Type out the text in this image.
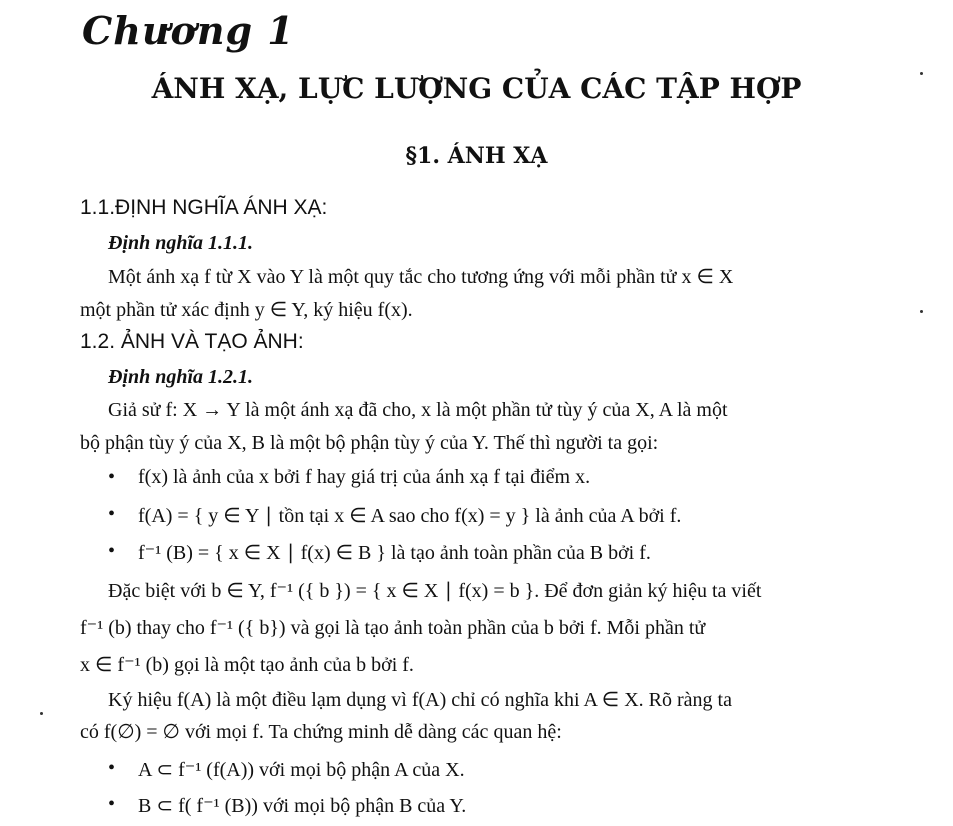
Chương 1
ÁNH XẠ, LỰC LƯỢNG CỦA CÁC TẬP HỢP
§1. ÁNH XẠ
1.1.ĐỊNH NGHĨA ÁNH XẠ:
Định nghĩa 1.1.1.
Một ánh xạ f từ X vào Y là một quy tắc cho tương ứng với mỗi phần tử x ∈ X
một phần tử xác định y ∈ Y, ký hiệu f(x).
1.2. ẢNH VÀ TẠO ẢNH:
Định nghĩa 1.2.1.
Giả sử f: X → Y là một ánh xạ đã cho, x là một phần tử tùy ý của X, A là một
bộ phận tùy ý của X, B là một bộ phận tùy ý của Y. Thế thì người ta gọi:
• f(x) là ảnh của x bởi f hay giá trị của ánh xạ f tại điểm x.
• f(A) = { y ∈ Y ∣ tồn tại x ∈ A sao cho f(x) = y } là ảnh của A bởi f.
• f⁻¹ (B) = { x ∈ X ∣ f(x) ∈ B } là tạo ảnh toàn phần của B bởi f.
Đặc biệt với b ∈ Y, f⁻¹ ({ b }) = { x ∈ X ∣ f(x) = b }. Để đơn giản ký hiệu ta viết
f⁻¹ (b) thay cho f⁻¹ ({ b}) và gọi là tạo ảnh toàn phần của b bởi f. Mỗi phần tử
x ∈ f⁻¹ (b) gọi là một tạo ảnh của b bởi f.
Ký hiệu f(A) là một điều lạm dụng vì f(A) chỉ có nghĩa khi A ∈ X. Rõ ràng ta
có f(∅) = ∅ với mọi f. Ta chứng minh dễ dàng các quan hệ:
• A ⊂ f⁻¹ (f(A)) với mọi bộ phận A của X.
• B ⊂ f( f⁻¹ (B)) với mọi bộ phận B của Y.
